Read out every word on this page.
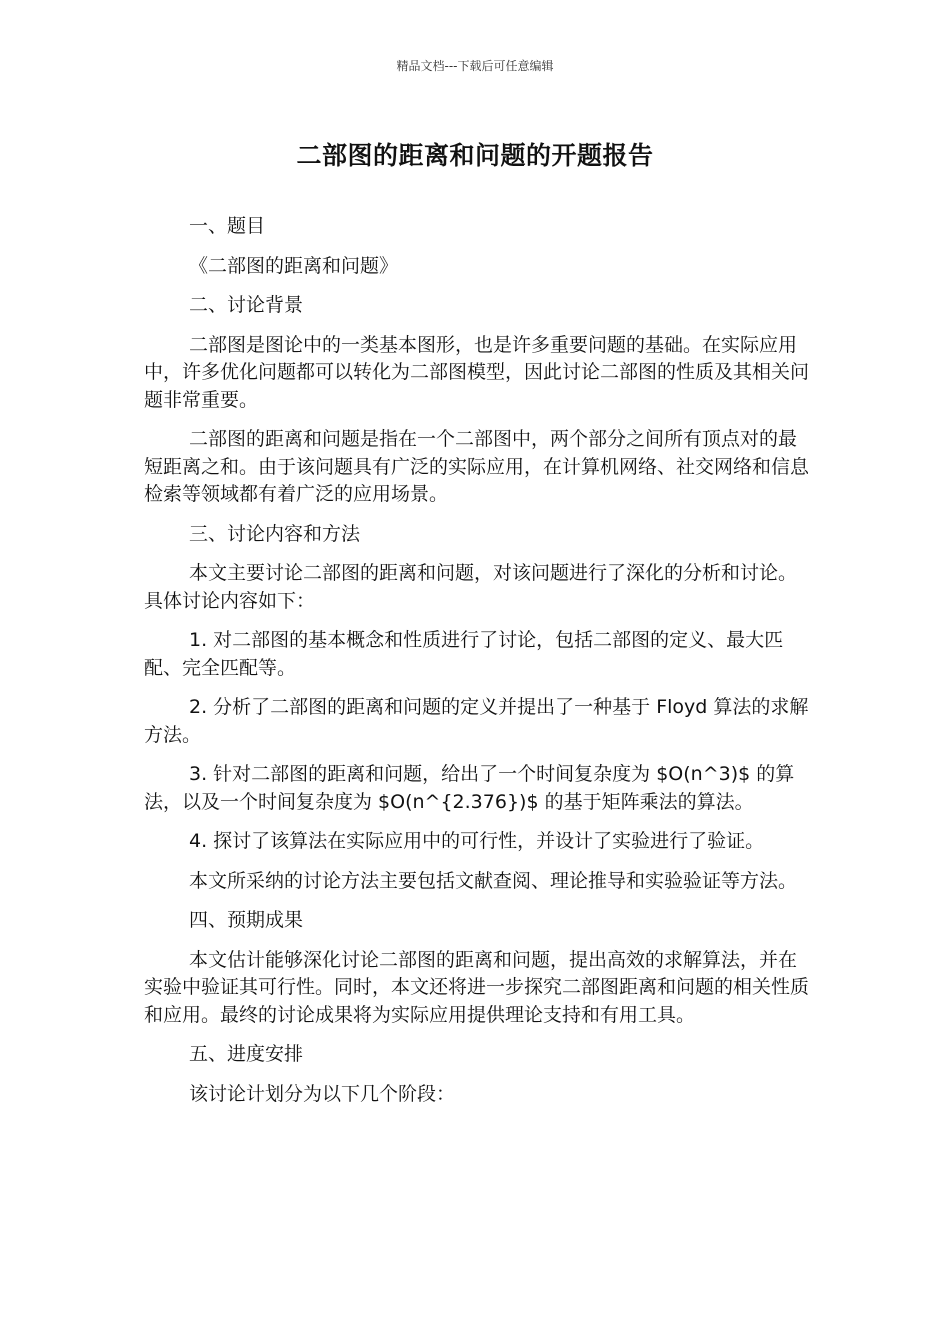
精品文档---下载后可任意编辑
二部图的距离和问题的开题报告

一、题目

《二部图的距离和问题》

二、讨论背景

二部图是图论中的一类基本图形，也是许多重要问题的基础。在实际应用中，许多优化问题都可以转化为二部图模型，因此讨论二部图的性质及其相关问题非常重要。

二部图的距离和问题是指在一个二部图中，两个部分之间所有顶点对的最短距离之和。由于该问题具有广泛的实际应用，在计算机网络、社交网络和信息检索等领域都有着广泛的应用场景。

三、讨论内容和方法

本文主要讨论二部图的距离和问题，对该问题进行了深化的分析和讨论。具体讨论内容如下：

1. 对二部图的基本概念和性质进行了讨论，包括二部图的定义、最大匹配、完全匹配等。

2. 分析了二部图的距离和问题的定义并提出了一种基于 Floyd 算法的求解方法。

3. 针对二部图的距离和问题，给出了一个时间复杂度为 $O(n^3)$ 的算法，以及一个时间复杂度为 $O(n^{2.376})$ 的基于矩阵乘法的算法。

4. 探讨了该算法在实际应用中的可行性，并设计了实验进行了验证。

本文所采纳的讨论方法主要包括文献查阅、理论推导和实验验证等方法。

四、预期成果

本文估计能够深化讨论二部图的距离和问题，提出高效的求解算法，并在实验中验证其可行性。同时，本文还将进一步探究二部图距离和问题的相关性质和应用。最终的讨论成果将为实际应用提供理论支持和有用工具。

五、进度安排

该讨论计划分为以下几个阶段：
